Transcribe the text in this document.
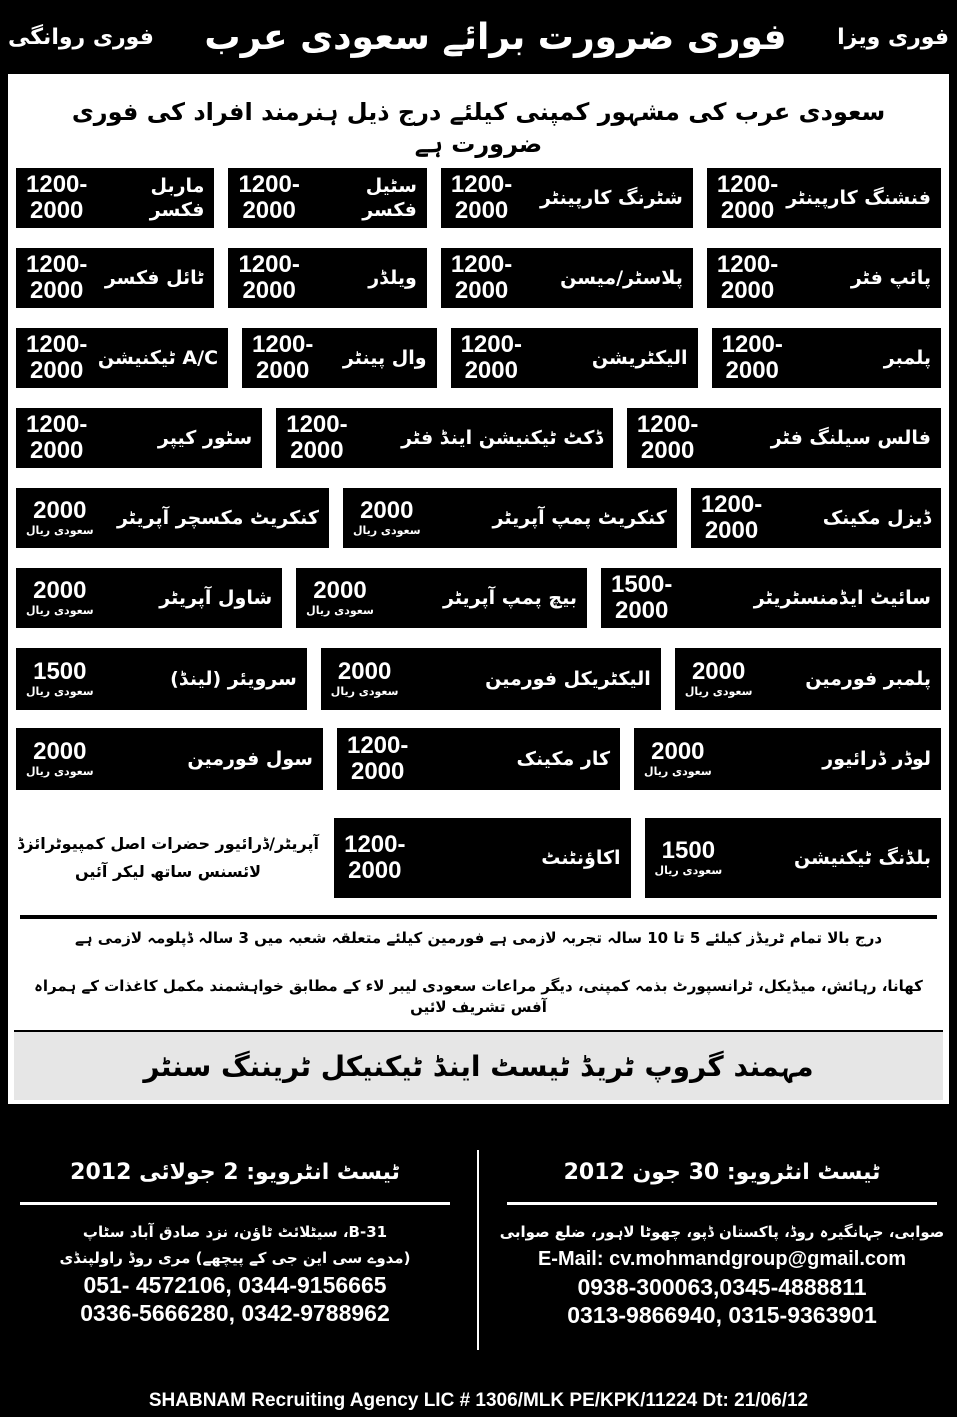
فوری ویزا
فوری ضرورت برائے سعودی عرب
فوری روانگی
سعودی عرب کی مشہور کمپنی کیلئے درج ذیل ہنرمند افراد کی فوری ضرورت ہے
فنشنگ کارپینٹر
1200-
2000
شٹرنگ کارپینٹر
1200-
2000
سٹیل فکسر
1200-
2000
ماربل فکسر
1200-
2000
پائپ فٹر
1200-
2000
پلاسٹر/میسن
1200-
2000
ویلڈر
1200-
2000
ٹائل فکسر
1200-
2000
پلمبر
1200-
2000
الیکٹریشن
1200-
2000
وال پینٹر
1200-
2000
A/C ٹیکنیشن
1200-
2000
فالس سیلنگ فٹر
1200-
2000
ڈکٹ ٹیکنیشن اینڈ فٹر
1200-
2000
سٹور کیپر
1200-
2000
ڈیزل مکینک
1200-
2000
کنکریٹ پمپ آپریٹر
2000
سعودی ریال
کنکریٹ مکسچر آپریٹر
2000
سعودی ریال
سائیٹ ایڈمنسٹریٹر
1500-
2000
بیچ پمپ آپریٹر
2000
سعودی ریال
شاول آپریٹر
2000
سعودی ریال
پلمبر فورمین
2000
سعودی ریال
الیکٹریکل فورمین
2000
سعودی ریال
سرویئر (لینڈ)
1500
سعودی ریال
لوڈر ڈرائیور
2000
سعودی ریال
کار مکینک
1200-
2000
سول فورمین
2000
سعودی ریال
بلڈنگ ٹیکنیشن
1500
سعودی ریال
اکاؤنٹنٹ
1200-
2000
آپریٹر/ڈرائیور حضرات اصل کمپیوٹرائزڈ لائسنس ساتھ لیکر آئیں
درج بالا تمام ٹریڈز کیلئے 5 تا 10 سالہ تجربہ لازمی ہے فورمین کیلئے متعلقہ شعبہ میں 3 سالہ ڈپلومہ لازمی ہے
کھانا، رہائش، میڈیکل، ٹرانسپورٹ بذمہ کمپنی، دیگر مراعات سعودی لیبر لاء کے مطابق خواہشمند مکمل کاغذات کے ہمراہ آفس تشریف لائیں
مہمند گروپ ٹریڈ ٹیسٹ اینڈ ٹیکنیکل ٹریننگ سنٹر
ٹیسٹ انٹرویو: 30 جون 2012
صوابی، جہانگیرہ روڈ، پاکستان ڈپو، چھوٹا لاہور، ضلع صوابی
E-Mail: cv.mohmandgroup@gmail.com
0938-300063,0345-4888811
0313-9866940, 0315-9363901
ٹیسٹ انٹرویو: 2 جولائی 2012
B-31، سیٹلائٹ ٹاؤن، نزد صادق آباد سٹاپ
(مدوے سی این جی کے پیچھے) مری روڈ راولپنڈی
051- 4572106, 0344-9156665
0336-5666280, 0342-9788962
SHABNAM Recruiting Agency LIC # 1306/MLK PE/KPK/11224 Dt: 21/06/12
